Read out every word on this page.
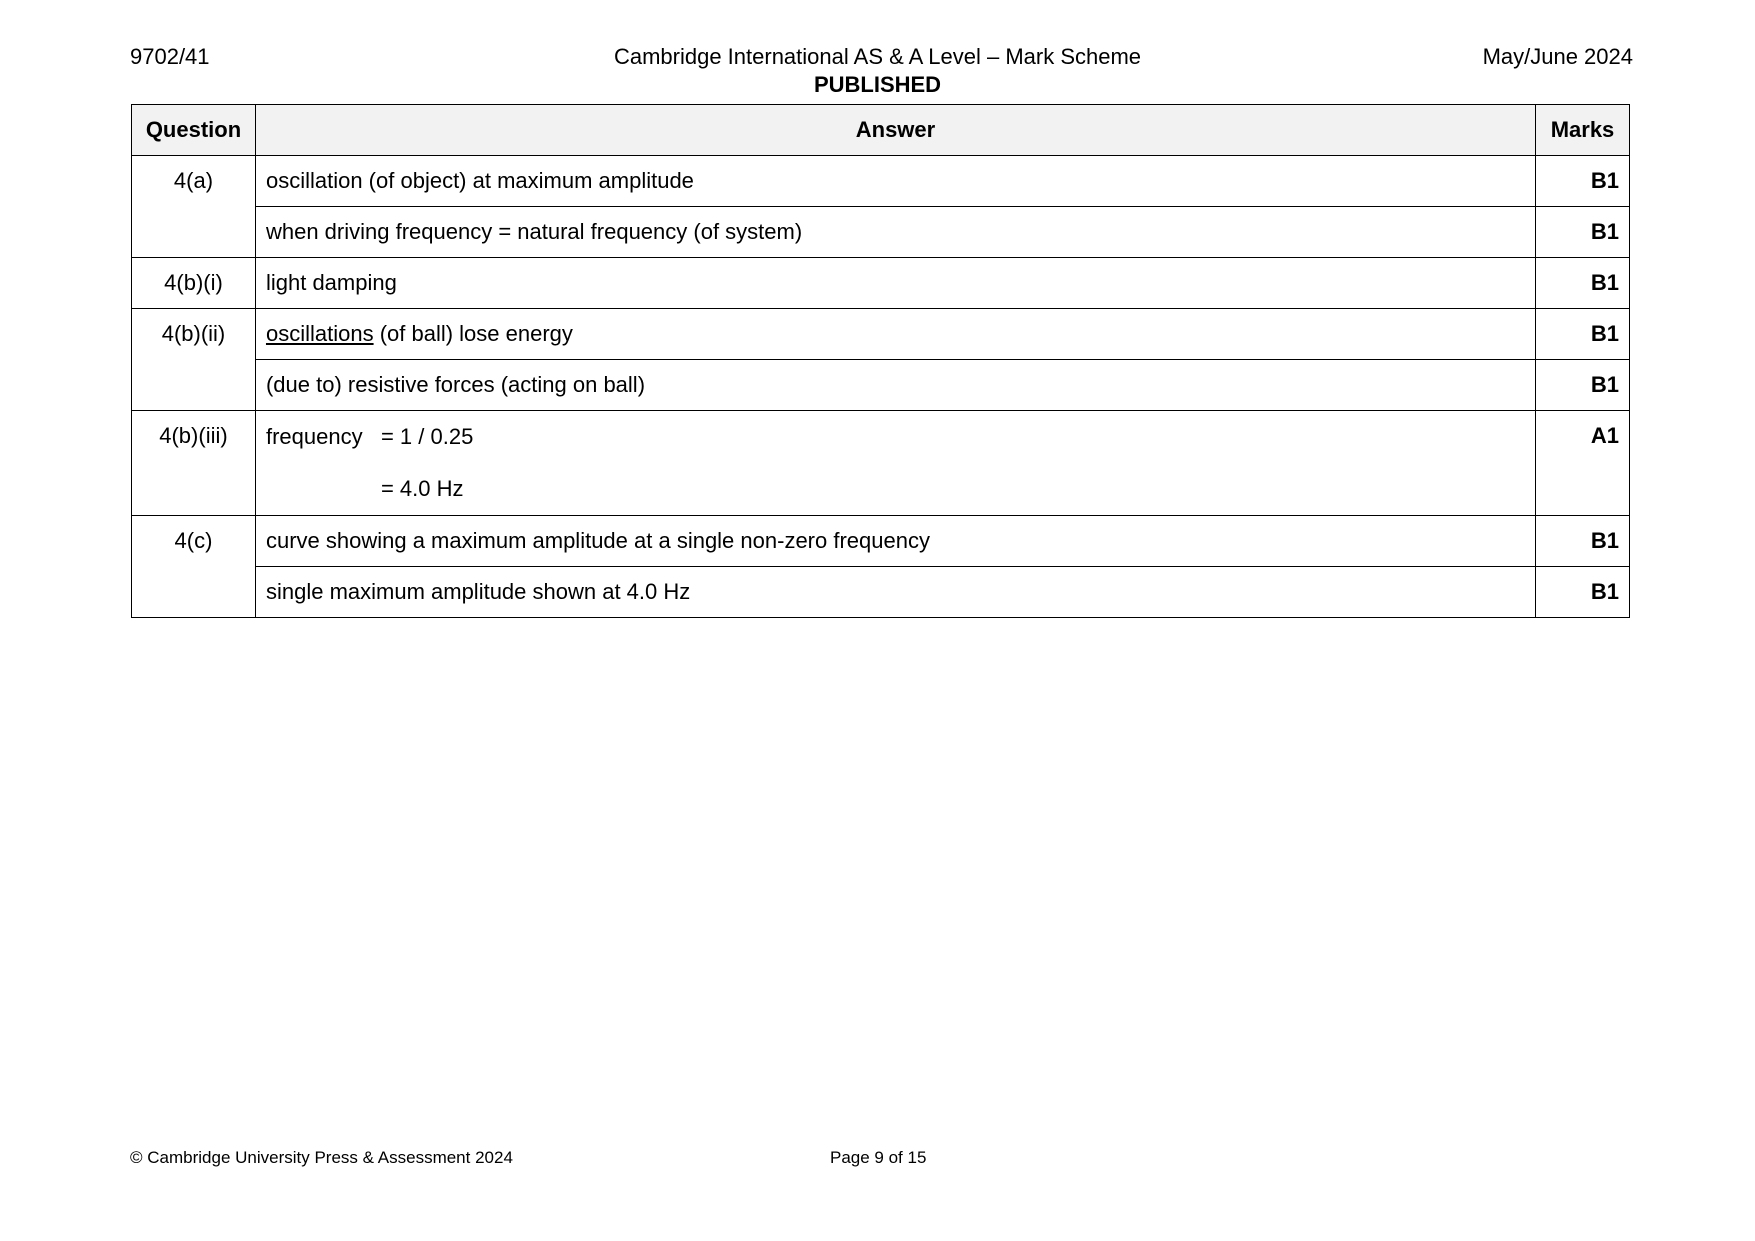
9702/41	Cambridge International AS & A Level – Mark Scheme	May/June 2024
PUBLISHED
Question	Answer	Marks
4(a)	oscillation (of object) at maximum amplitude	B1
	when driving frequency = natural frequency (of system)	B1
4(b)(i)	light damping	B1
4(b)(ii)	oscillations (of ball) lose energy	B1
	(due to) resistive forces (acting on ball)	B1
4(b)(iii)	frequency = 1 / 0.25
= 4.0 Hz	A1
4(c)	curve showing a maximum amplitude at a single non-zero frequency	B1
	single maximum amplitude shown at 4.0 Hz	B1
© Cambridge University Press & Assessment 2024	Page 9 of 15
